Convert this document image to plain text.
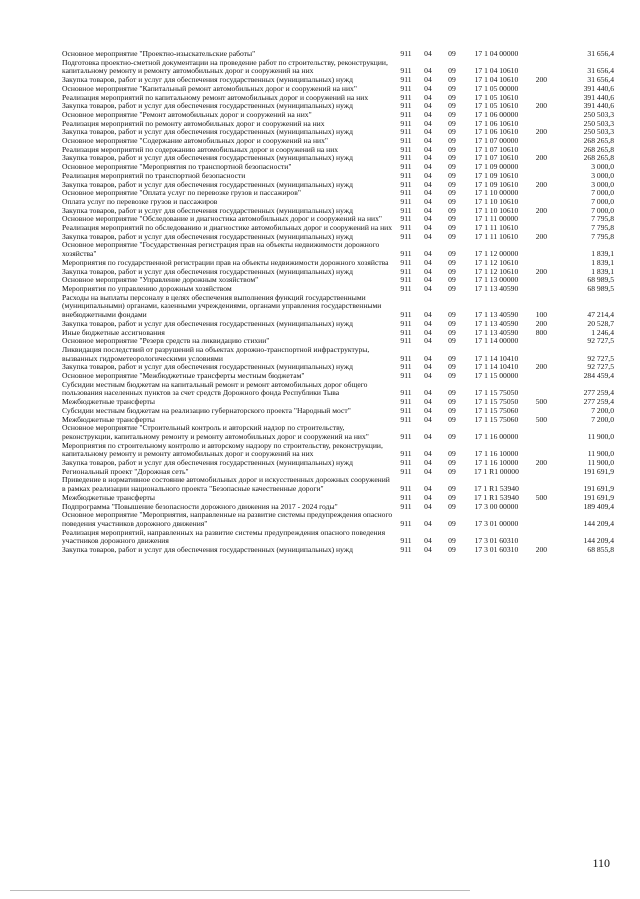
Основное мероприятие "Проектно-изыскательские работы"	911	04	09	17 1 04 00000		31 656,4
Подготовка проектно-сметной документации на проведение работ по строительству, реконструкции, капитальному ремонту и ремонту автомобильных дорог и сооружений на них	911	04	09	17 1 04 10610		31 656,4
Закупка товаров, работ и услуг для обеспечения государственных (муниципальных) нужд	911	04	09	17 1 04 10610	200	31 656,4
Основное мероприятие "Капитальный ремонт автомобильных дорог и сооружений на них"	911	04	09	17 1 05 00000		391 440,6
Реализация мероприятий по капитальному ремонт автомобильных дорог и сооружений на них	911	04	09	17 1 05 10610		391 440,6
Закупка товаров, работ и услуг для обеспечения государственных (муниципальных) нужд	911	04	09	17 1 05 10610	200	391 440,6
Основное мероприятие "Ремонт автомобильных дорог и сооружений на них"	911	04	09	17 1 06 00000		250 503,3
Реализация мероприятий по ремонту автомобильных дорог и сооружений на них	911	04	09	17 1 06 10610		250 503,3
Закупка товаров, работ и услуг для обеспечения государственных (муниципальных) нужд	911	04	09	17 1 06 10610	200	250 503,3
Основное мероприятие "Содержание автомобильных дорог и сооружений на них"	911	04	09	17 1 07 00000		268 265,8
Реализация мероприятий по содержанию автомобильных дорог и сооружений на них	911	04	09	17 1 07 10610		268 265,8
Закупка товаров, работ и услуг для обеспечения государственных (муниципальных) нужд	911	04	09	17 1 07 10610	200	268 265,8
Основное мероприятие "Мероприятия по транспортной безопасности"	911	04	09	17 1 09 00000		3 000,0
Реализация мероприятий по транспортной безопасности	911	04	09	17 1 09 10610		3 000,0
Закупка товаров, работ и услуг для обеспечения государственных (муниципальных) нужд	911	04	09	17 1 09 10610	200	3 000,0
Основное мероприятие "Оплата услуг по перевозке грузов и пассажиров"	911	04	09	17 1 10 00000		7 000,0
Оплата услуг по перевозке грузов и пассажиров	911	04	09	17 1 10 10610		7 000,0
Закупка товаров, работ и услуг для обеспечения государственных (муниципальных) нужд	911	04	09	17 1 10 10610	200	7 000,0
Основное мероприятие "Обследование и диагностика автомобильных дорог и сооружений на них"	911	04	09	17 1 11 00000		7 795,8
Реализация мероприятий по обследованию и диагностике автомобильных дорог и сооружений на них	911	04	09	17 1 11 10610		7 795,8
Закупка товаров, работ и услуг для обеспечения государственных (муниципальных) нужд	911	04	09	17 1 11 10610	200	7 795,8
Основное мероприятие "Государственная регистрация прав на объекты недвижимости дорожного хозяйства"	911	04	09	17 1 12 00000		1 839,1
Мероприятия по государственной регистрации прав на объекты недвижимости дорожного хозяйства	911	04	09	17 1 12 10610		1 839,1
Закупка товаров, работ и услуг для обеспечения государственных (муниципальных) нужд	911	04	09	17 1 12 10610	200	1 839,1
Основное мероприятие "Управление дорожным хозяйством"	911	04	09	17 1 13 00000		68 989,5
Мероприятия по управлению дорожным хозяйством	911	04	09	17 1 13 40590		68 989,5
Расходы на выплаты персоналу в целях обеспечения выполнения функций государственными (муниципальными) органами, казенными учреждениями, органами управления государственными внебюджетными фондами	911	04	09	17 1 13 40590	100	47 214,4
Закупка товаров, работ и услуг для обеспечения государственных (муниципальных) нужд	911	04	09	17 1 13 40590	200	20 528,7
Иные бюджетные ассигнования	911	04	09	17 1 13 40590	800	1 246,4
Основное мероприятие "Резерв средств на ликвидацию стихии"	911	04	09	17 1 14 00000		92 727,5
Ликвидация последствий от разрушений на объектах дорожно-транспортной инфраструктуры, вызванных гидрометеорологическими условиями	911	04	09	17 1 14 10410		92 727,5
Закупка товаров, работ и услуг для обеспечения государственных (муниципальных) нужд	911	04	09	17 1 14 10410	200	92 727,5
Основное мероприятие "Межбюджетные трансферты местным бюджетам"	911	04	09	17 1 15 00000		284 459,4
Субсидии местным бюджетам на капитальный ремонт и ремонт автомобильных дорог общего пользования населенных пунктов за счет средств Дорожного фонда Республики Тыва	911	04	09	17 1 15 75050		277 259,4
Межбюджетные трансферты	911	04	09	17 1 15 75050	500	277 259,4
Субсидии местным бюджетам на реализацию губернаторского проекта "Народный мост"	911	04	09	17 1 15 75060		7 200,0
Межбюджетные трансферты	911	04	09	17 1 15 75060	500	7 200,0
Основное мероприятие "Строительный контроль и авторский надзор по строительству, реконструкции, капитальному ремонту и ремонту автомобильных дорог и сооружений на них"	911	04	09	17 1 16 00000		11 900,0
Мероприятия по строительному контролю и авторскому надзору по строительству, реконструкции, капитальному ремонту и ремонту автомобильных дорог и сооружений на них	911	04	09	17 1 16 10000		11 900,0
Закупка товаров, работ и услуг для обеспечения государственных (муниципальных) нужд	911	04	09	17 1 16 10000	200	11 900,0
Региональный проект "Дорожная сеть"	911	04	09	17 1 R1 00000		191 691,9
Приведение в нормативное состояние автомобильных дорог и искусственных дорожных сооружений в рамках реализации национального проекта "Безопасные качественные дороги"	911	04	09	17 1 R1 53940		191 691,9
Межбюджетные трансферты	911	04	09	17 1 R1 53940	500	191 691,9
Подпрограмма "Повышение безопасности дорожного движения на 2017 - 2024 годы"	911	04	09	17 3 00 00000		189 409,4
Основное мероприятие "Мероприятия, направленные на развитие системы предупреждения опасного поведения участников дорожного движения"	911	04	09	17 3 01 00000		144 209,4
Реализация мероприятий, направленных на развитие системы предупреждения опасного поведения участников дорожного движения	911	04	09	17 3 01 60310		144 209,4
Закупка товаров, работ и услуг для обеспечения государственных (муниципальных) нужд	911	04	09	17 3 01 60310	200	68 855,8
110
